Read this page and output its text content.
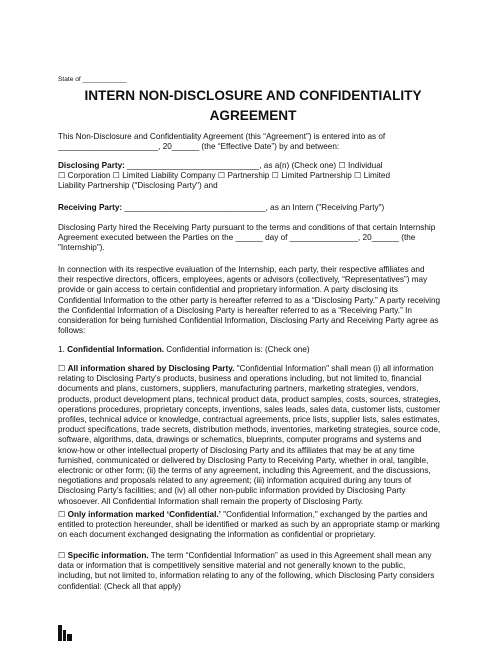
State of ____________
INTERN NON-DISCLOSURE AND CONFIDENTIALITY
AGREEMENT
This Non-Disclosure and Confidentiality Agreement (this “Agreement”) is entered into as of
______________________, 20______ (the “Effective Date”) by and between:
Disclosing Party: _____________________________, as a(n) (Check one) ☐ Individual
☐ Corporation ☐ Limited Liability Company ☐ Partnership ☐ Limited Partnership ☐ Limited
Liability Partnership ("Disclosing Party") and
Receiving Party: _______________________________, as an Intern ("Receiving Party")
Disclosing Party hired the Receiving Party pursuant to the terms and conditions of that certain Internship
Agreement executed between the Parties on the ______ day of _______________, 20______ (the
"Internship").
In connection with its respective evaluation of the Internship, each party, their respective affiliates and
their respective directors, officers, employees, agents or advisors (collectively, “Representatives”) may
provide or gain access to certain confidential and proprietary information. A party disclosing its
Confidential Information to the other party is hereafter referred to as a “Disclosing Party.” A party receiving
the Confidential Information of a Disclosing Party is hereafter referred to as a “Receiving Party.” In
consideration for being furnished Confidential Information, Disclosing Party and Receiving Party agree as
follows:
1. Confidential Information. Confidential information is: (Check one)
☐ All information shared by Disclosing Party. "Confidential Information" shall mean (i) all information
relating to Disclosing Party’s products, business and operations including, but not limited to, financial
documents and plans, customers, suppliers, manufacturing partners, marketing strategies, vendors,
products, product development plans, technical product data, product samples, costs, sources, strategies,
operations procedures, proprietary concepts, inventions, sales leads, sales data, customer lists, customer
profiles, technical advice or knowledge, contractual agreements, price lists, supplier lists, sales estimates,
product specifications, trade secrets, distribution methods, inventories, marketing strategies, source code,
software, algorithms, data, drawings or schematics, blueprints, computer programs and systems and
know-how or other intellectual property of Disclosing Party and its affiliates that may be at any time
furnished, communicated or delivered by Disclosing Party to Receiving Party, whether in oral, tangible,
electronic or other form; (ii) the terms of any agreement, including this Agreement, and the discussions,
negotiations and proposals related to any agreement; (iii) information acquired during any tours of
Disclosing Party’s facilities; and (iv) all other non-public information provided by Disclosing Party
whosoever. All Confidential Information shall remain the property of Disclosing Party.
☐ Only information marked ‘Confidential.’ "Confidential Information," exchanged by the parties and
entitled to protection hereunder, shall be identified or marked as such by an appropriate stamp or marking
on each document exchanged designating the information as confidential or proprietary.
☐ Specific information. The term “Confidential Information” as used in this Agreement shall mean any
data or information that is competitively sensitive material and not generally known to the public,
including, but not limited to, information relating to any of the following, which Disclosing Party considers
confidential: (Check all that apply)
